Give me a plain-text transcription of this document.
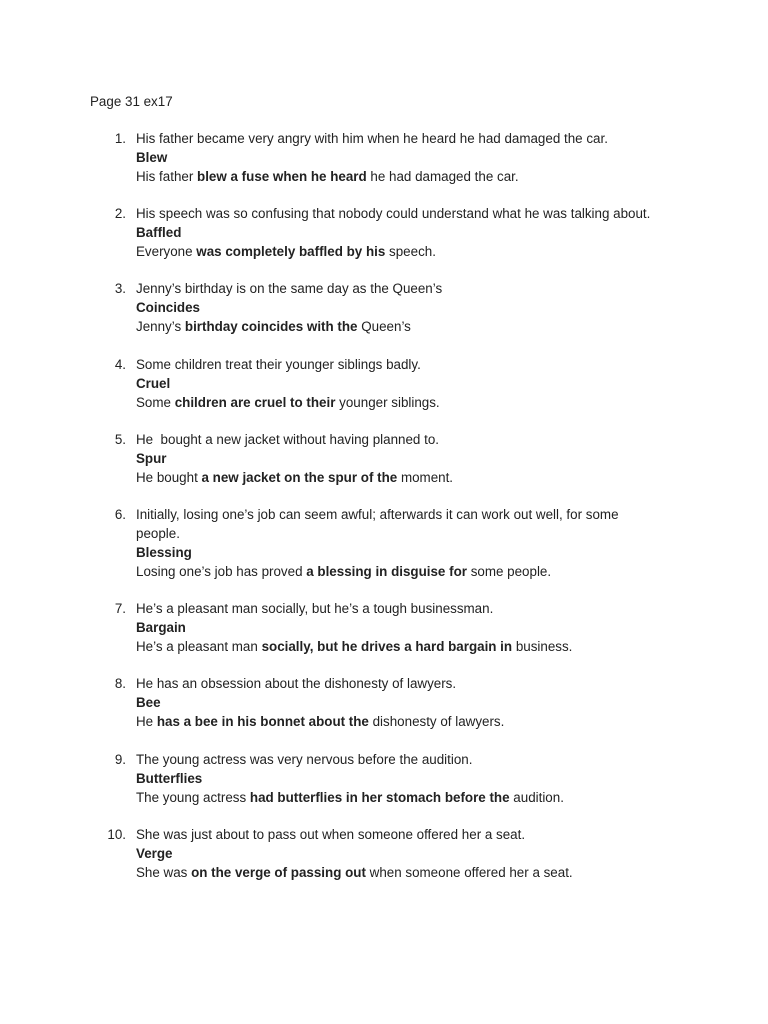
Page 31 ex17
1. His father became very angry with him when he heard he had damaged the car.
Blew
His father blew a fuse when he heard he had damaged the car.
2. His speech was so confusing that nobody could understand what he was talking about.
Baffled
Everyone was completely baffled by his speech.
3. Jenny’s birthday is on the same day as the Queen’s
Coincides
Jenny’s birthday coincides with the Queen’s
4. Some children treat their younger siblings badly.
Cruel
Some children are cruel to their younger siblings.
5. He  bought a new jacket without having planned to.
Spur
He bought a new jacket on the spur of the moment.
6. Initially, losing one’s job can seem awful; afterwards it can work out well, for some people.
Blessing
Losing one’s job has proved a blessing in disguise for some people.
7. He’s a pleasant man socially, but he’s a tough businessman.
Bargain
He’s a pleasant man socially, but he drives a hard bargain in business.
8. He has an obsession about the dishonesty of lawyers.
Bee
He has a bee in his bonnet about the dishonesty of lawyers.
9. The young actress was very nervous before the audition.
Butterflies
The young actress had butterflies in her stomach before the audition.
10. She was just about to pass out when someone offered her a seat.
Verge
She was on the verge of passing out when someone offered her a seat.
